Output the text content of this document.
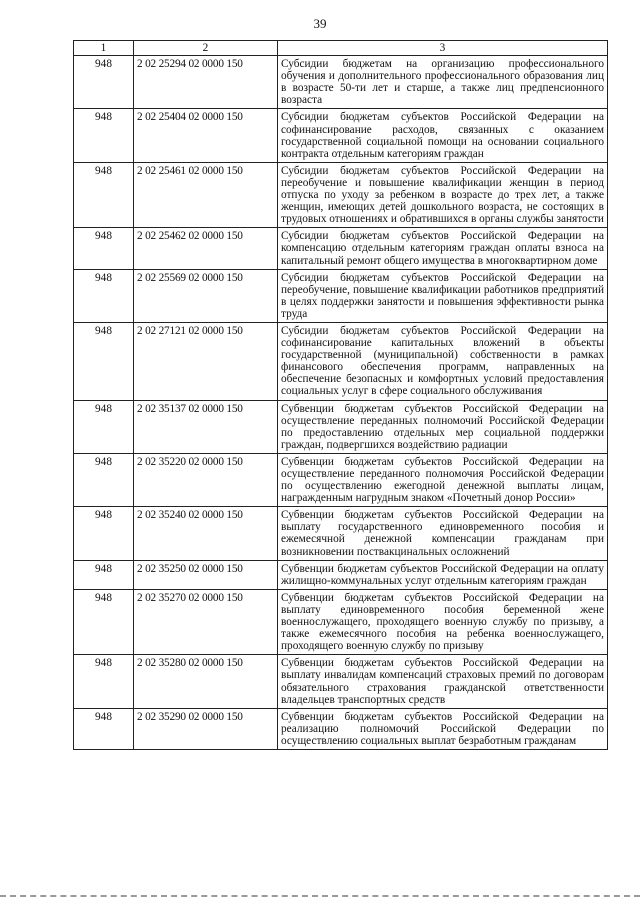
39
1	2	3
948	2 02 25294 02 0000 150	Субсидии бюджетам на организацию профессионального обучения и дополнительного профессионального образования лиц в возрасте 50-ти лет и старше, а также лиц предпенсионного возраста
948	2 02 25404 02 0000 150	Субсидии бюджетам субъектов Российской Федерации на софинансирование расходов, связанных с оказанием государственной социальной помощи на основании социального контракта отдельным категориям граждан
948	2 02 25461 02 0000 150	Субсидии бюджетам субъектов Российской Федерации на переобучение и повышение квалификации женщин в период отпуска по уходу за ребенком в возрасте до трех лет, а также женщин, имеющих детей дошкольного возраста, не состоящих в трудовых отношениях и обратившихся в органы службы занятости
948	2 02 25462 02 0000 150	Субсидии бюджетам субъектов Российской Федерации на компенсацию отдельным категориям граждан оплаты взноса на капитальный ремонт общего имущества в многоквартирном доме
948	2 02 25569 02 0000 150	Субсидии бюджетам субъектов Российской Федерации на переобучение, повышение квалификации работников предприятий в целях поддержки занятости и повышения эффективности рынка труда
948	2 02 27121 02 0000 150	Субсидии бюджетам субъектов Российской Федерации на софинансирование капитальных вложений в объекты государственной (муниципальной) собственности в рамках финансового обеспечения программ, направленных на обеспечение безопасных и комфортных условий предоставления социальных услуг в сфере социального обслуживания
948	2 02 35137 02 0000 150	Субвенции бюджетам субъектов Российской Федерации на осуществление переданных полномочий Российской Федерации по предоставлению отдельных мер социальной поддержки граждан, подвергшихся воздействию радиации
948	2 02 35220 02 0000 150	Субвенции бюджетам субъектов Российской Федерации на осуществление переданного полномочия Российской Федерации по осуществлению ежегодной денежной выплаты лицам, награжденным нагрудным знаком «Почетный донор России»
948	2 02 35240 02 0000 150	Субвенции бюджетам субъектов Российской Федерации на выплату государственного единовременного пособия и ежемесячной денежной компенсации гражданам при возникновении поствакцинальных осложнений
948	2 02 35250 02 0000 150	Субвенции бюджетам субъектов Российской Федерации на оплату жилищно-коммунальных услуг отдельным категориям граждан
948	2 02 35270 02 0000 150	Субвенции бюджетам субъектов Российской Федерации на выплату единовременного пособия беременной жене военнослужащего, проходящего военную службу по призыву, а также ежемесячного пособия на ребенка военнослужащего, проходящего военную службу по призыву
948	2 02 35280 02 0000 150	Субвенции бюджетам субъектов Российской Федерации на выплату инвалидам компенсаций страховых премий по договорам обязательного страхования гражданской ответственности владельцев транспортных средств
948	2 02 35290 02 0000 150	Субвенции бюджетам субъектов Российской Федерации на реализацию полномочий Российской Федерации по осуществлению социальных выплат безработным гражданам
